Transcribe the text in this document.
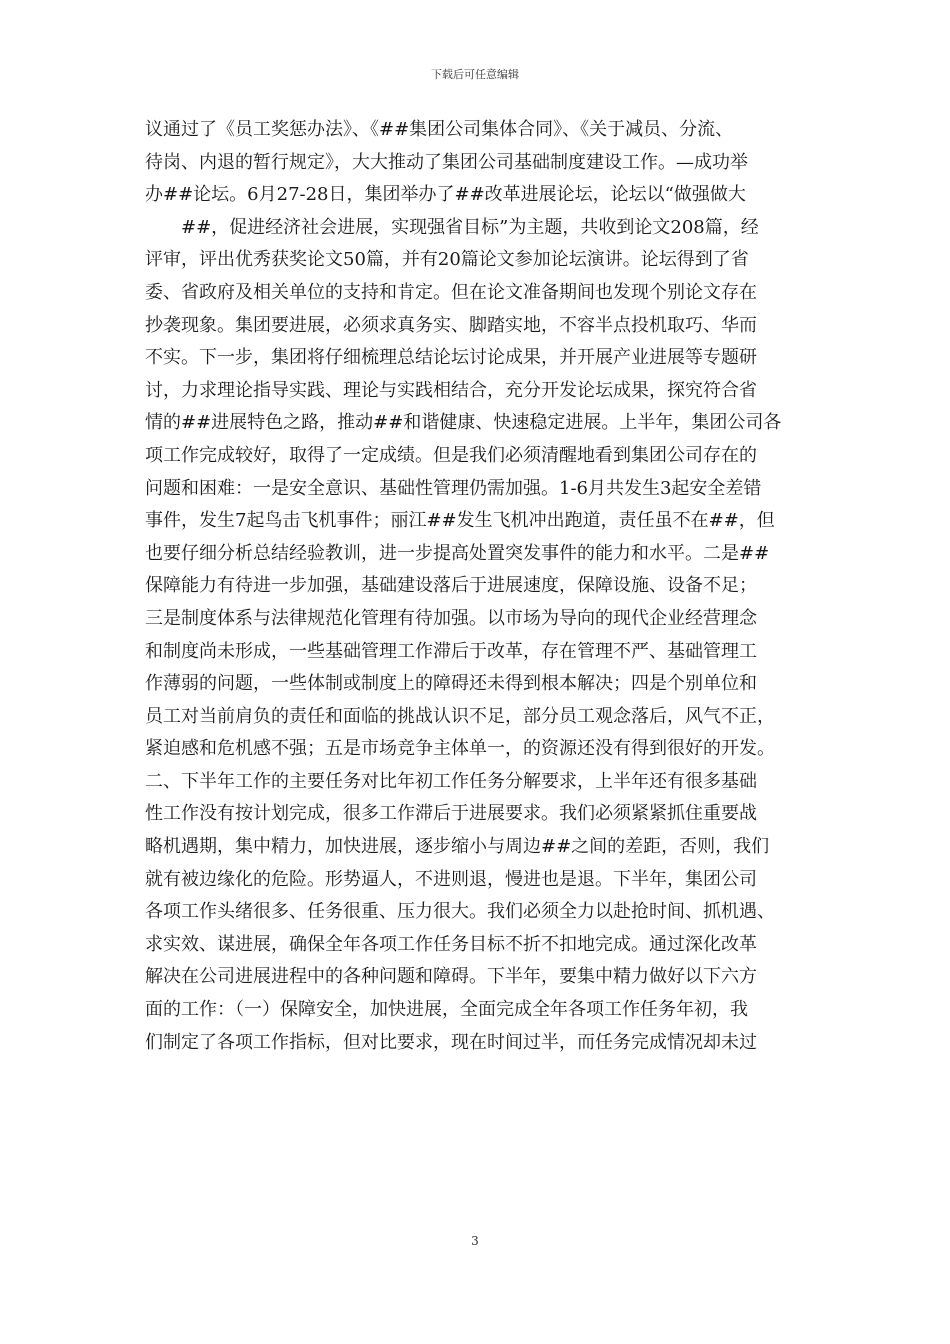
下载后可任意编辑
议通过了《员工奖惩办法》、《##集团公司集体合同》、《关于减员、分流、
待岗、内退的暂行规定》，大大推动了集团公司基础制度建设工作。—成功举
办##论坛。6月27-28日，集团举办了##改革进展论坛，论坛以“做强做大
##，促进经济社会进展，实现强省目标”为主题，共收到论文208篇，经
评审，评出优秀获奖论文50篇，并有20篇论文参加论坛演讲。论坛得到了省
委、省政府及相关单位的支持和肯定。但在论文准备期间也发现个别论文存在
抄袭现象。集团要进展，必须求真务实、脚踏实地，不容半点投机取巧、华而
不实。下一步，集团将仔细梳理总结论坛讨论成果，并开展产业进展等专题研
讨，力求理论指导实践、理论与实践相结合，充分开发论坛成果，探究符合省
情的##进展特色之路，推动##和谐健康、快速稳定进展。上半年，集团公司各
项工作完成较好，取得了一定成绩。但是我们必须清醒地看到集团公司存在的
问题和困难：一是安全意识、基础性管理仍需加强。1-6月共发生3起安全差错
事件，发生7起鸟击飞机事件；丽江##发生飞机冲出跑道，责任虽不在##，但
也要仔细分析总结经验教训，进一步提高处置突发事件的能力和水平。二是##
保障能力有待进一步加强，基础建设落后于进展速度，保障设施、设备不足；
三是制度体系与法律规范化管理有待加强。以市场为导向的现代企业经营理念
和制度尚未形成，一些基础管理工作滞后于改革，存在管理不严、基础管理工
作薄弱的问题，一些体制或制度上的障碍还未得到根本解决；四是个别单位和
员工对当前肩负的责任和面临的挑战认识不足，部分员工观念落后，风气不正，
紧迫感和危机感不强；五是市场竞争主体单一，的资源还没有得到很好的开发。
二、下半年工作的主要任务对比年初工作任务分解要求，上半年还有很多基础
性工作没有按计划完成，很多工作滞后于进展要求。我们必须紧紧抓住重要战
略机遇期，集中精力，加快进展，逐步缩小与周边##之间的差距，否则，我们
就有被边缘化的危险。形势逼人，不进则退，慢进也是退。下半年，集团公司
各项工作头绪很多、任务很重、压力很大。我们必须全力以赴抢时间、抓机遇、
求实效、谋进展，确保全年各项工作任务目标不折不扣地完成。通过深化改革
解决在公司进展进程中的各种问题和障碍。下半年，要集中精力做好以下六方
面的工作：（一）保障安全，加快进展，全面完成全年各项工作任务年初，我
们制定了各项工作指标，但对比要求，现在时间过半，而任务完成情况却未过
3
